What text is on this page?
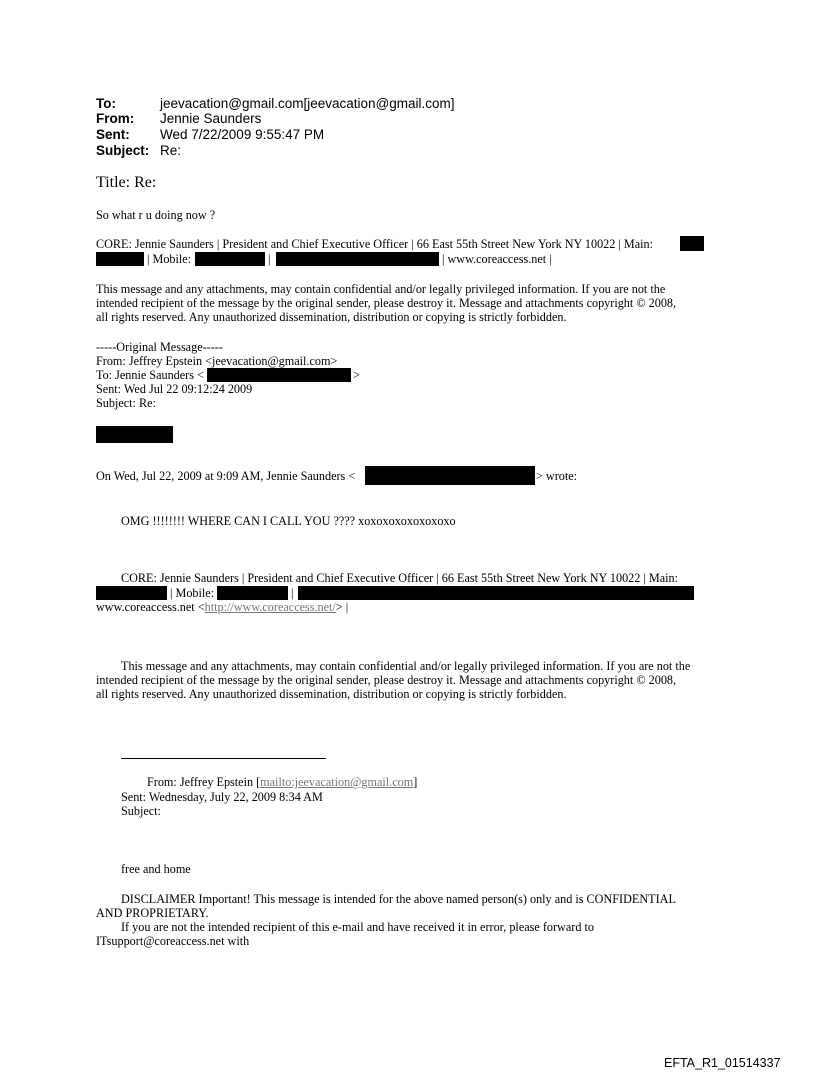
To:	jeevacation@gmail.com[jeevacation@gmail.com]
From: Jennie Saunders
Sent: Wed 7/22/2009 9:55:47 PM
Subject: Re:
Title: Re:
So what r u doing now ?
CORE: Jennie Saunders | President and Chief Executive Officer | 66 East 55th Street New York NY 10022 | Main:
| Mobile:	|	| www.coreaccess.net |
This message and any attachments, may contain confidential and/or legally privileged information. If you are not the
intended recipient of the message by the original sender, please destroy it. Message and attachments copyright © 2008,
all rights reserved. Any unauthorized dissemination, distribution or copying is strictly forbidden.
-----Original Message-----
From: Jeffrey Epstein <jeevacation@gmail.com>
To: Jennie Saunders <	>
Sent: Wed Jul 22 09:12:24 2009
Subject: Re:
On Wed, Jul 22, 2009 at 9:09 AM, Jennie Saunders <	> wrote:
OMG !!!!!!!! WHERE CAN I CALL YOU ???? xoxoxoxoxoxoxoxo
CORE: Jennie Saunders | President and Chief Executive Officer | 66 East 55th Street New York NY 10022 | Main:
| Mobile:	|
www.coreaccess.net <http://www.coreaccess.net/> |
This message and any attachments, may contain confidential and/or legally privileged information. If you are not the
intended recipient of the message by the original sender, please destroy it. Message and attachments copyright © 2008,
all rights reserved. Any unauthorized dissemination, distribution or copying is strictly forbidden.
From: Jeffrey Epstein [mailto:jeevacation@gmail.com]
Sent: Wednesday, July 22, 2009 8:34 AM
Subject:
free and home
DISCLAIMER Important! This message is intended for the above named person(s) only and is CONFIDENTIAL
AND PROPRIETARY.
If you are not the intended recipient of this e-mail and have received it in error, please forward to
ITsupport@coreaccess.net with
EFTA_R1_01514337
